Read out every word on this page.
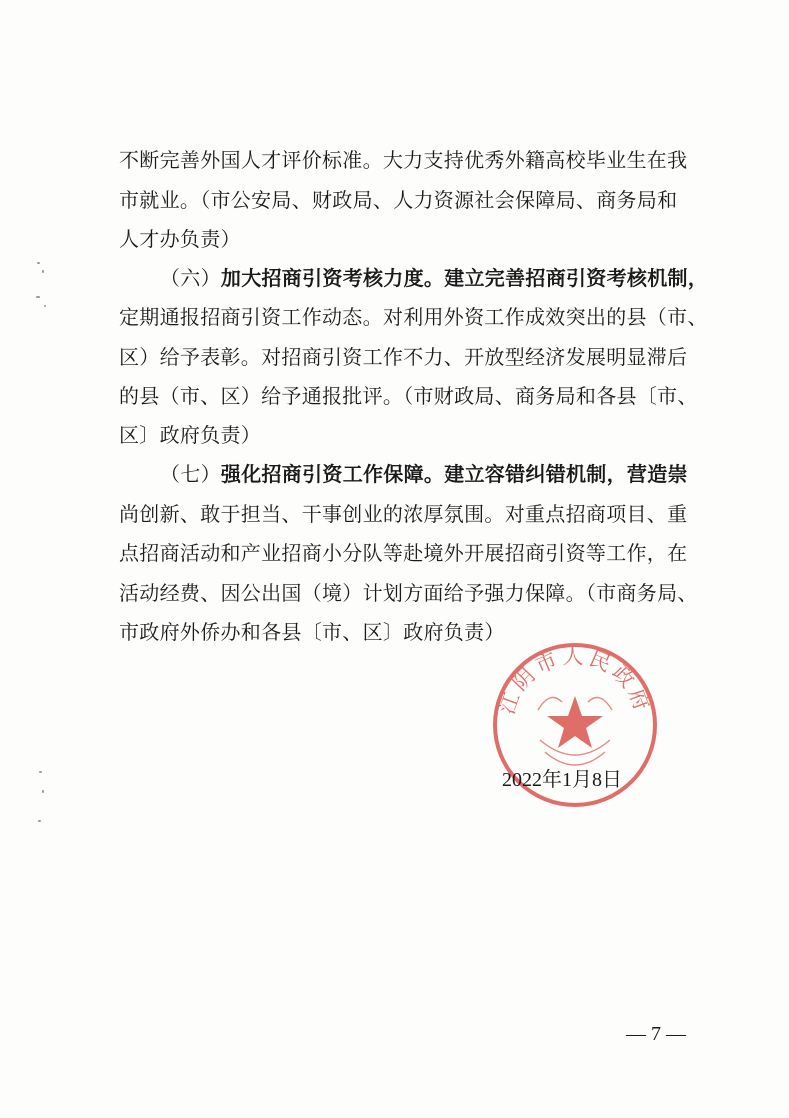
不断完善外国人才评价标准。大力支持优秀外籍高校毕业生在我
市就业。（市公安局、财政局、人力资源社会保障局、商务局和
人才办负责）
（六）加大招商引资考核力度。建立完善招商引资考核机制，
定期通报招商引资工作动态。对利用外资工作成效突出的县（市、
区）给予表彰。对招商引资工作不力、开放型经济发展明显滞后
的县（市、区）给予通报批评。（市财政局、商务局和各县〔市、
区〕政府负责）
（七）强化招商引资工作保障。建立容错纠错机制，营造崇
尚创新、敢于担当、干事创业的浓厚氛围。对重点招商项目、重
点招商活动和产业招商小分队等赴境外开展招商引资等工作，在
活动经费、因公出国（境）计划方面给予强力保障。（市商务局、
市政府外侨办和各县〔市、区〕政府负责）
江阴市人民政府
2022年1月8日
— 7 —
